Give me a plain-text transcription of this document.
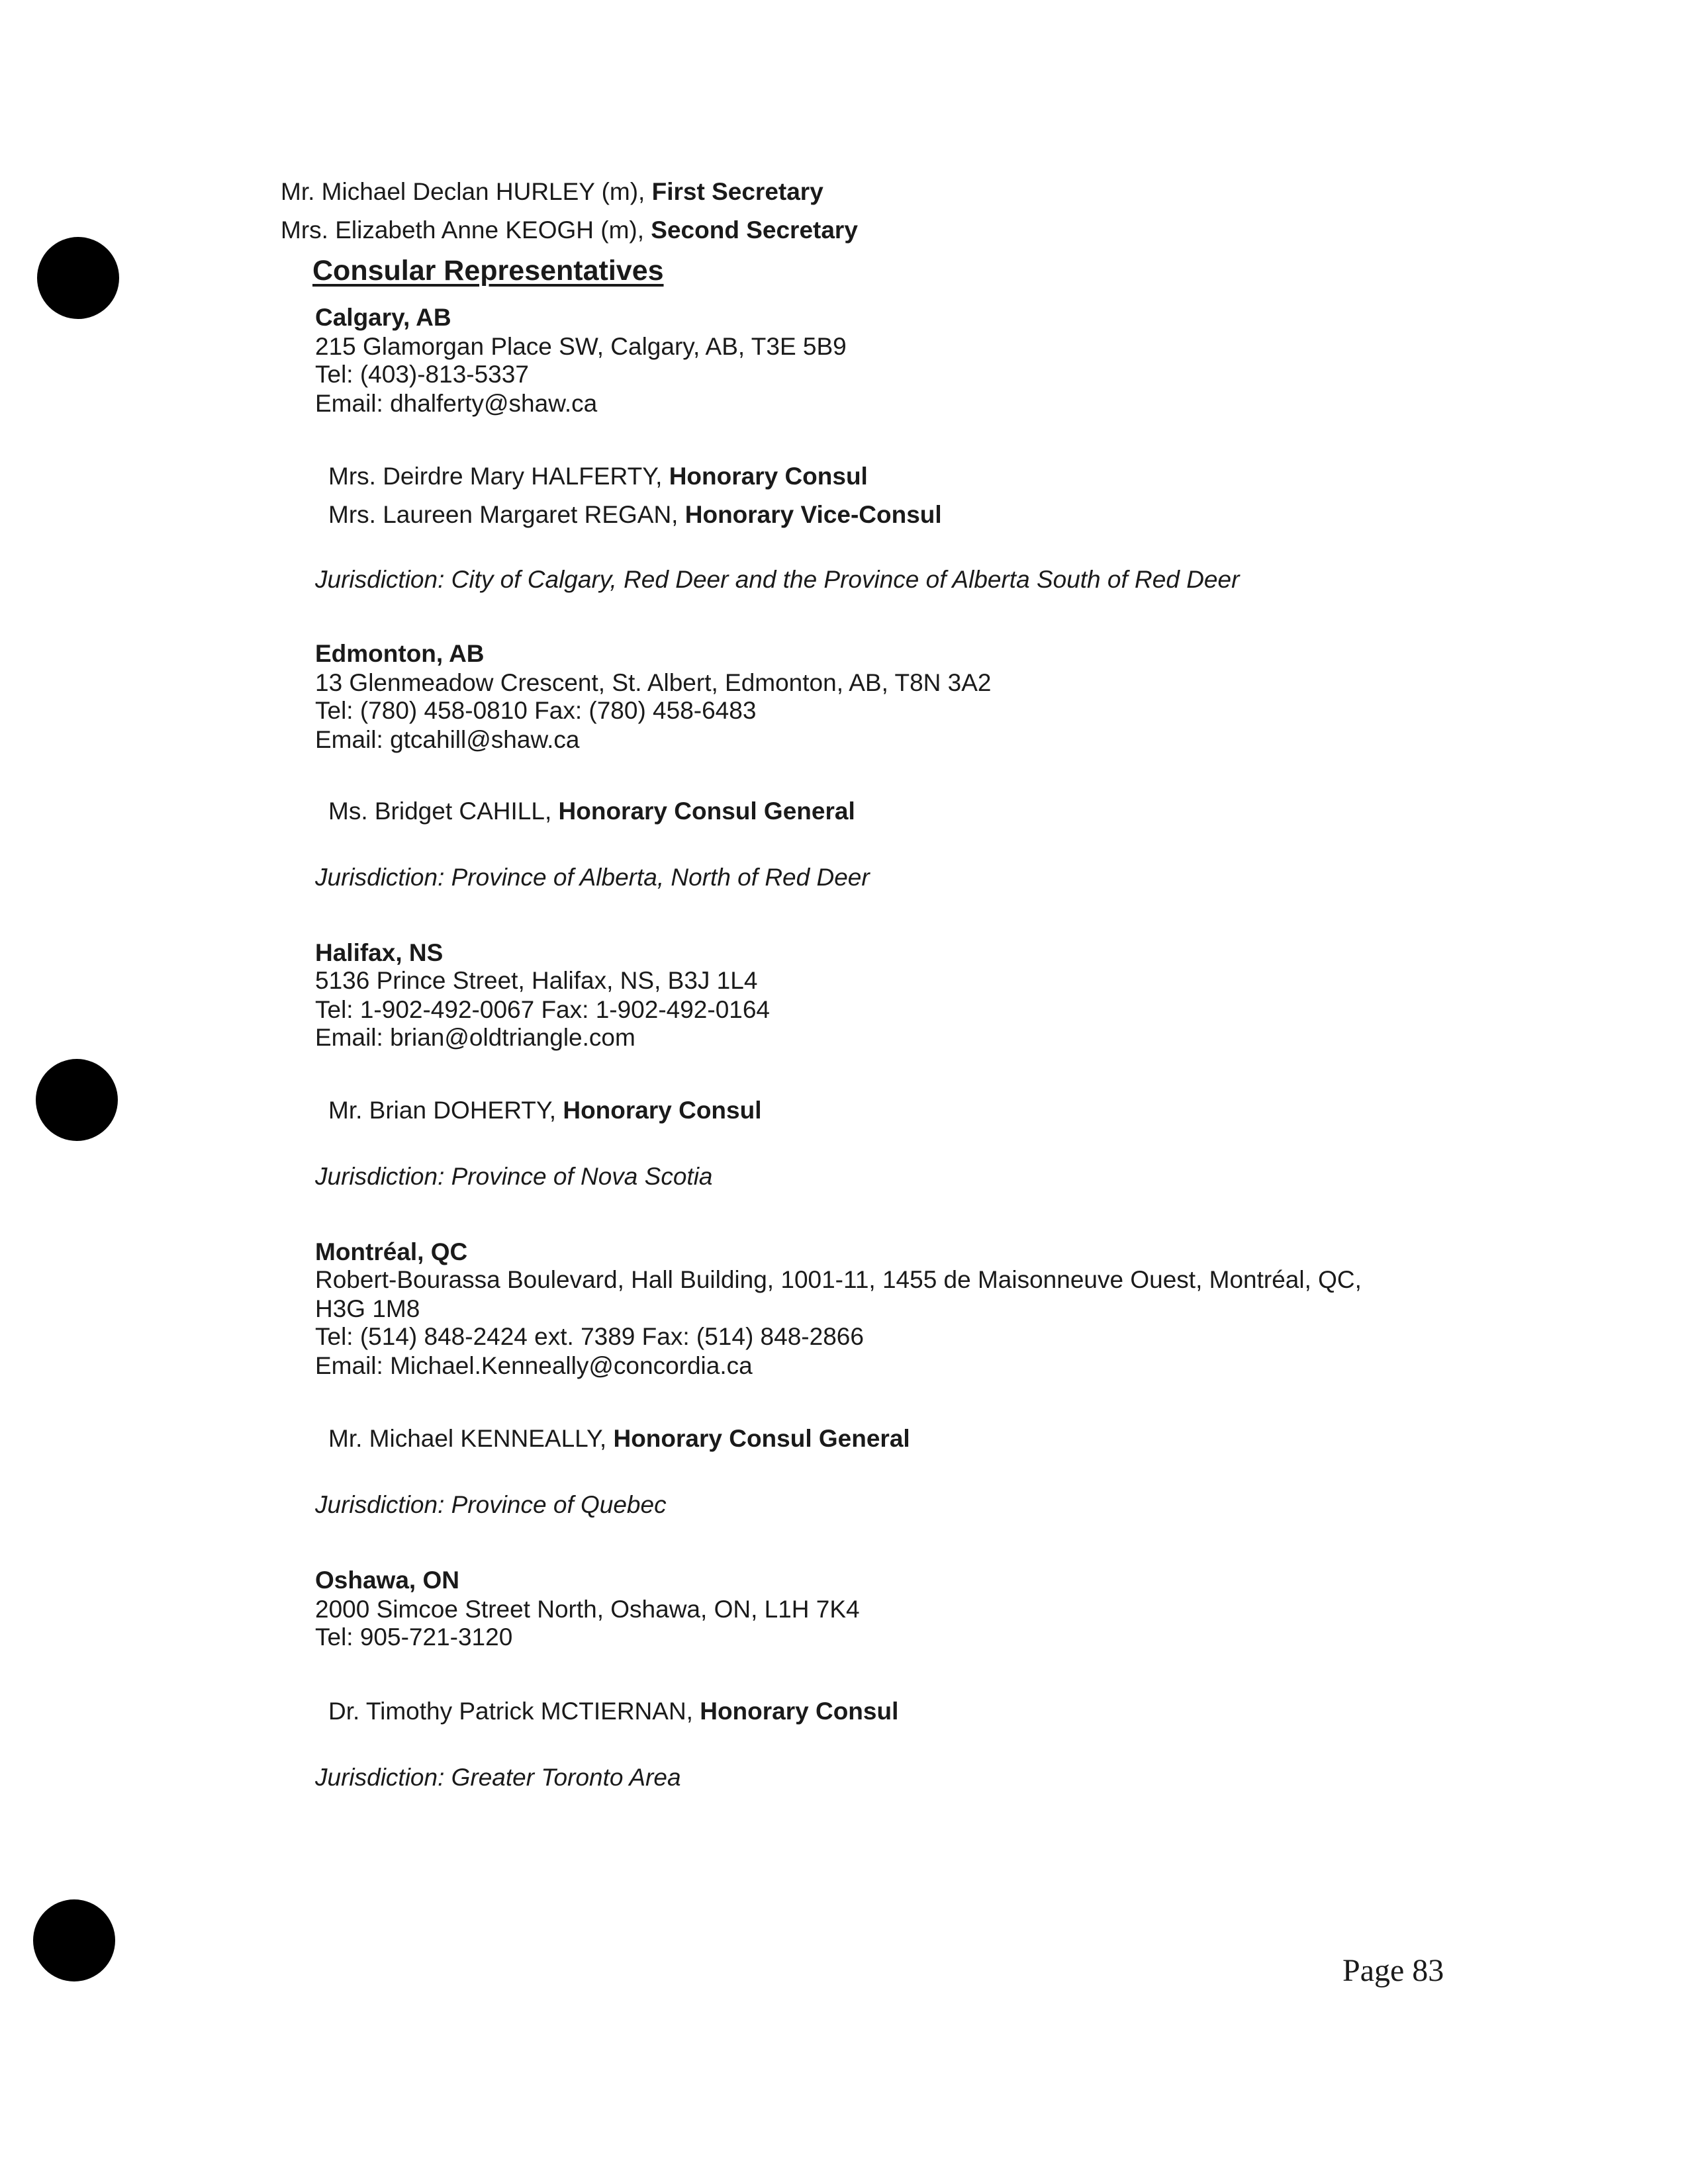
Mr. Michael Declan HURLEY (m), First Secretary
Mrs. Elizabeth Anne KEOGH (m), Second Secretary
Consular Representatives
Calgary, AB
215 Glamorgan Place SW, Calgary, AB, T3E 5B9
Tel: (403)-813-5337
Email: dhalferty@shaw.ca
Mrs. Deirdre Mary HALFERTY, Honorary Consul
Mrs. Laureen Margaret REGAN, Honorary Vice-Consul
Jurisdiction: City of Calgary, Red Deer and the Province of Alberta South of Red Deer
Edmonton, AB
13 Glenmeadow Crescent, St. Albert, Edmonton, AB, T8N 3A2
Tel: (780) 458-0810 Fax: (780) 458-6483
Email: gtcahill@shaw.ca
Ms. Bridget CAHILL, Honorary Consul General
Jurisdiction: Province of Alberta, North of Red Deer
Halifax, NS
5136 Prince Street, Halifax, NS, B3J 1L4
Tel: 1-902-492-0067 Fax: 1-902-492-0164
Email: brian@oldtriangle.com
Mr. Brian DOHERTY, Honorary Consul
Jurisdiction: Province of Nova Scotia
Montréal, QC
Robert-Bourassa Boulevard, Hall Building, 1001-11, 1455 de Maisonneuve Ouest, Montréal, QC,
H3G 1M8
Tel: (514) 848-2424 ext. 7389 Fax: (514) 848-2866
Email: Michael.Kenneally@concordia.ca
Mr. Michael KENNEALLY, Honorary Consul General
Jurisdiction: Province of Quebec
Oshawa, ON
2000 Simcoe Street North, Oshawa, ON, L1H 7K4
Tel: 905-721-3120
Dr. Timothy Patrick MCTIERNAN, Honorary Consul
Jurisdiction: Greater Toronto Area
Page 83
